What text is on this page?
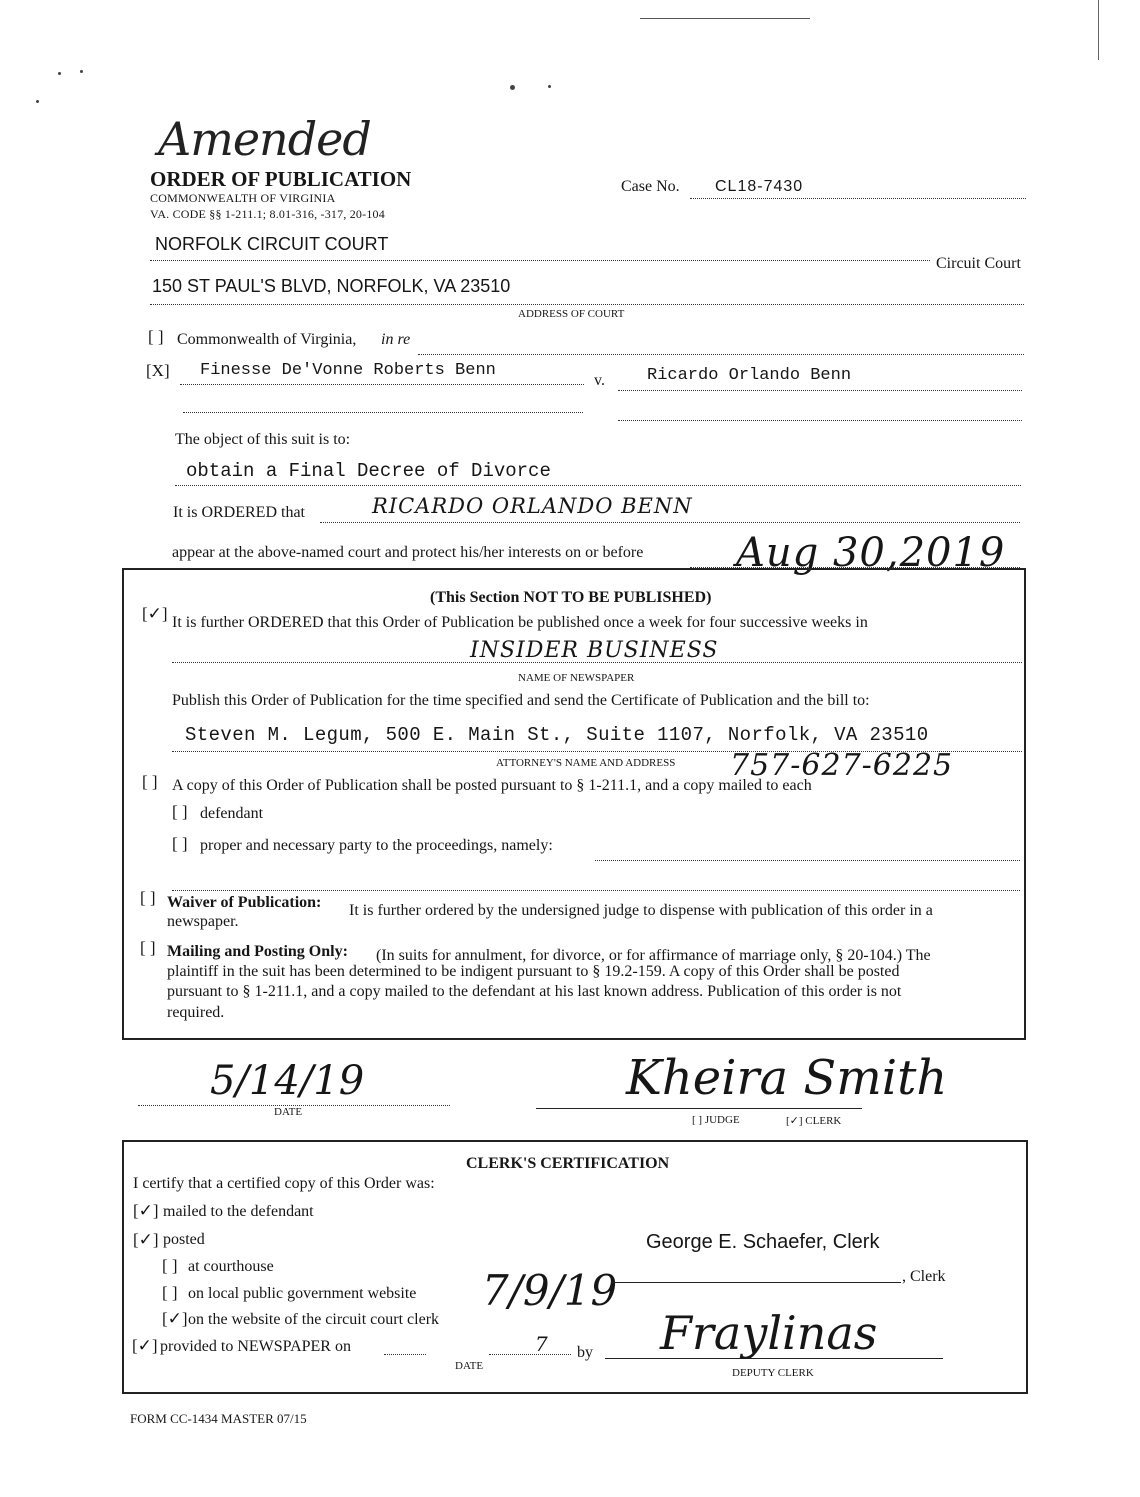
Amended
ORDER OF PUBLICATION
COMMONWEALTH OF VIRGINIA
VA. CODE §§ 1-211.1; 8.01-316, -317, 20-104
Case No. CL18-7430
NORFOLK CIRCUIT COURT
Circuit Court
150 ST PAUL'S BLVD, NORFOLK, VA 23510
ADDRESS OF COURT
[ ] Commonwealth of Virginia, in re
[X] Finesse De'Vonne Roberts Benn
v. Ricardo Orlando Benn
The object of this suit is to:
obtain a Final Decree of Divorce
It is ORDERED that	RICARDO ORLANDO BENN
appear at the above-named court and protect his/her interests on or before Aug 30,2019
(This Section NOT TO BE PUBLISHED)
[✓] It is further ORDERED that this Order of Publication be published once a week for four successive weeks in
INSIDER BUSINESS
NAME OF NEWSPAPER
Publish this Order of Publication for the time specified and send the Certificate of Publication and the bill to:
Steven M. Legum, 500 E. Main St., Suite 1107, Norfolk, VA 23510
ATTORNEY'S NAME AND ADDRESS 757-627-6225
[ ] A copy of this Order of Publication shall be posted pursuant to § 1-211.1, and a copy mailed to each
[ ] defendant
[ ] proper and necessary party to the proceedings, namely:
[ ] Waiver of Publication: It is further ordered by the undersigned judge to dispense with publication of this order in a
newspaper.
[ ] Mailing and Posting Only: (In suits for annulment, for divorce, or for affirmance of marriage only, § 20-104.) The
plaintiff in the suit has been determined to be indigent pursuant to § 19.2-159. A copy of this Order shall be posted
pursuant to § 1-211.1, and a copy mailed to the defendant at his last known address. Publication of this order is not
required.
5/14/19
DATE
Kheira Smith
[ ] JUDGE	[✓] CLERK
CLERK'S CERTIFICATION
I certify that a certified copy of this Order was:
[✓] mailed to the defendant
[✓] posted
[ ] at courthouse
[ ] on local public government website
[✓] on the website of the circuit court clerk
[✓] provided to NEWSPAPER on	7
DATE
by
7/9/19
George E. Schaefer, Clerk
, Clerk
Fraylinas
DEPUTY CLERK
FORM CC-1434 MASTER 07/15
